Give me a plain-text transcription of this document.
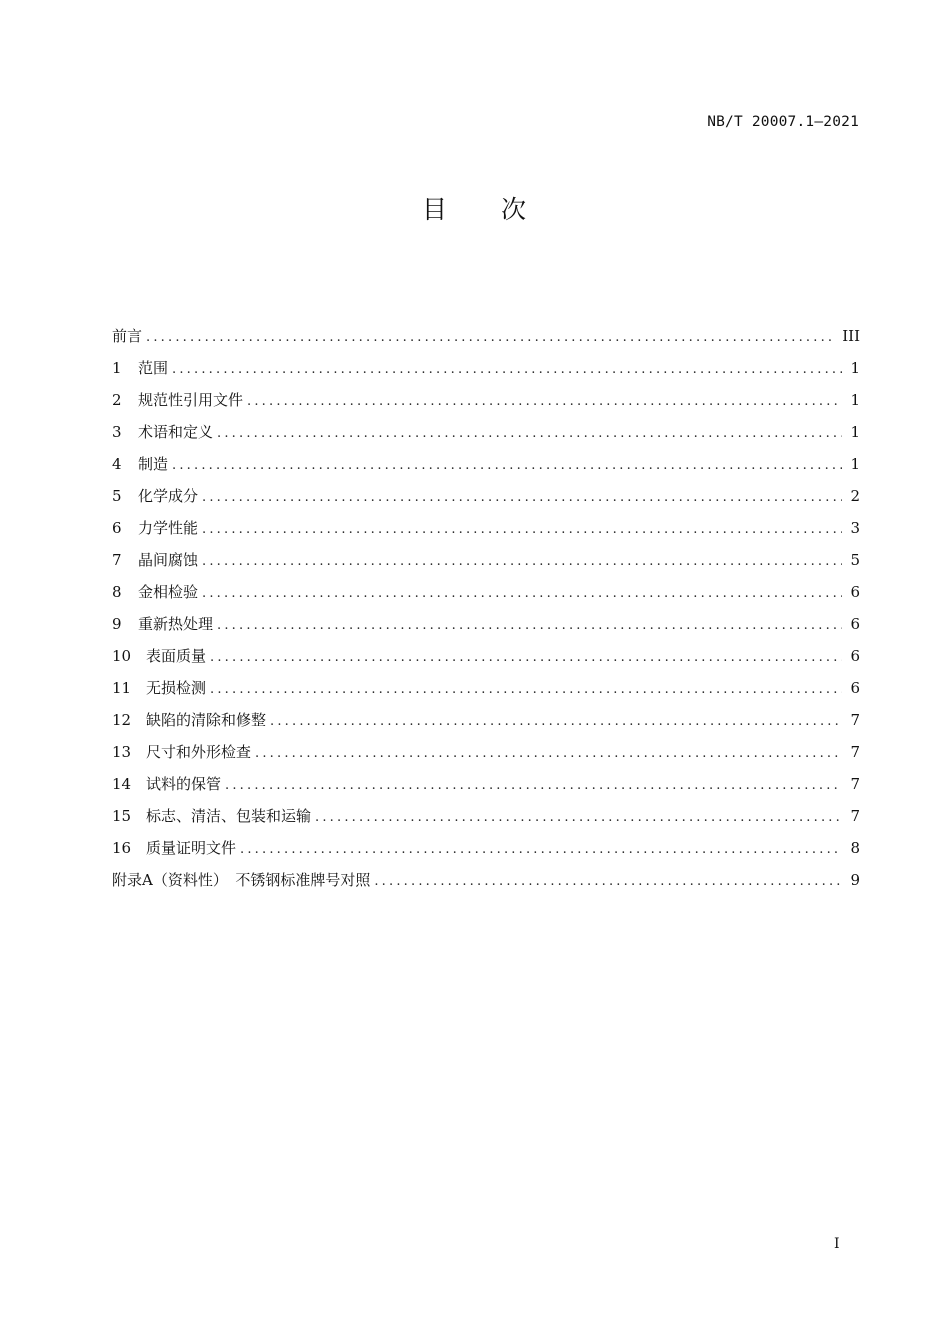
NB/T 20007.1—2021
目 次
前言 .....	III
1	范围 .....	1
2	规范性引用文件 .....	1
3	术语和定义 .....	1
4	制造 .....	1
5	化学成分 .....	2
6	力学性能 .....	3
7	晶间腐蚀 .....	5
8	金相检验 .....	6
9	重新热处理 .....	6
10 表面质量 .....	6
11 无损检测 .....	6
12 缺陷的清除和修整 .....	7
13 尺寸和外形检查 .....	7
14 试料的保管 .....	7
15 标志、清洁、包装和运输 .....	7
16 质量证明文件 .....	8
附录A（资料性）　不锈钢标准牌号对照 .....	9
I
